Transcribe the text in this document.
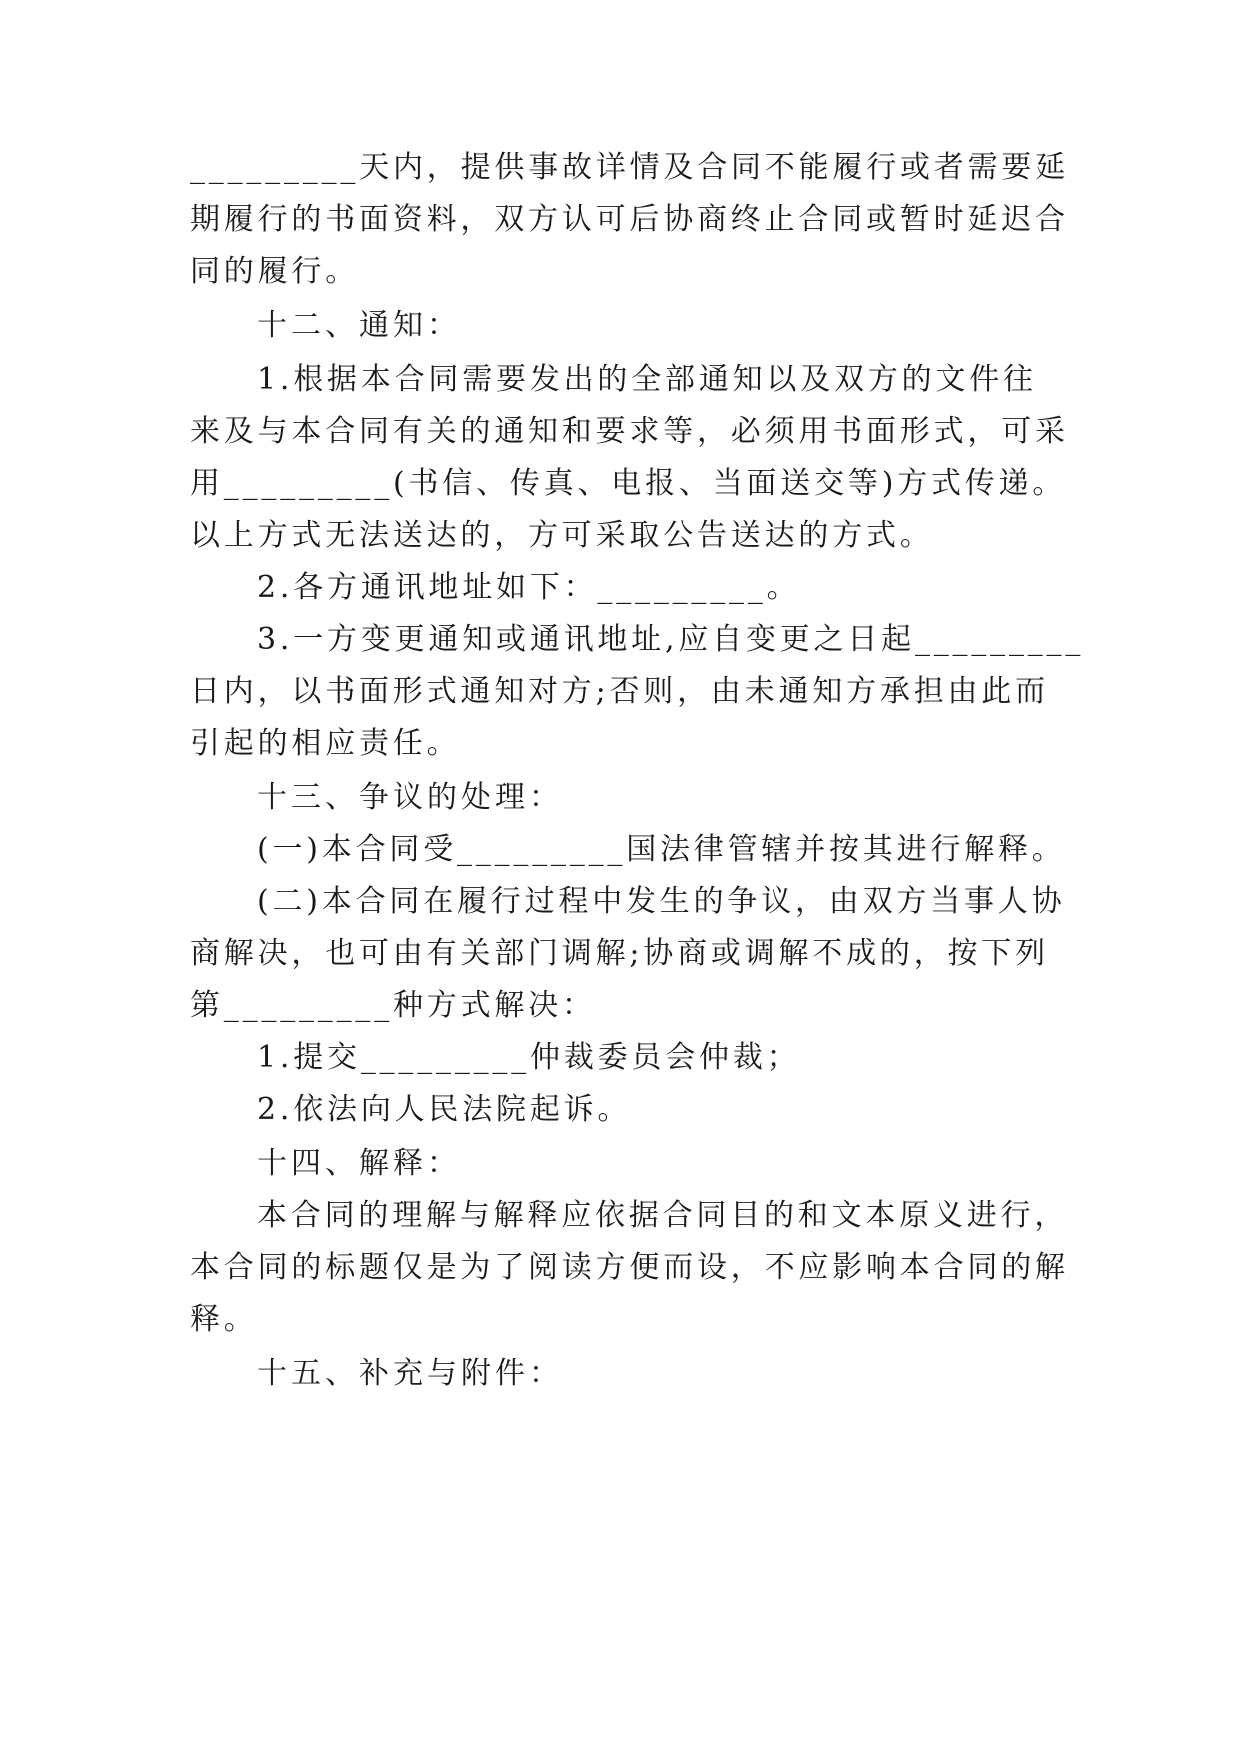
_________天内，提供事故详情及合同不能履行或者需要延
期履行的书面资料，双方认可后协商终止合同或暂时延迟合
同的履行。
十二、通知：
1.根据本合同需要发出的全部通知以及双方的文件往
来及与本合同有关的通知和要求等，必须用书面形式，可采
用_________(书信、传真、电报、当面送交等)方式传递。
以上方式无法送达的，方可采取公告送达的方式。
2.各方通讯地址如下：_________。
3.一方变更通知或通讯地址,应自变更之日起_________
日内，以书面形式通知对方;否则，由未通知方承担由此而
引起的相应责任。
十三、争议的处理：
(一)本合同受_________国法律管辖并按其进行解释。
(二)本合同在履行过程中发生的争议，由双方当事人协
商解决，也可由有关部门调解;协商或调解不成的，按下列
第_________种方式解决：
1.提交_________仲裁委员会仲裁；
2.依法向人民法院起诉。
十四、解释：
本合同的理解与解释应依据合同目的和文本原义进行，
本合同的标题仅是为了阅读方便而设，不应影响本合同的解
释。
十五、补充与附件：
